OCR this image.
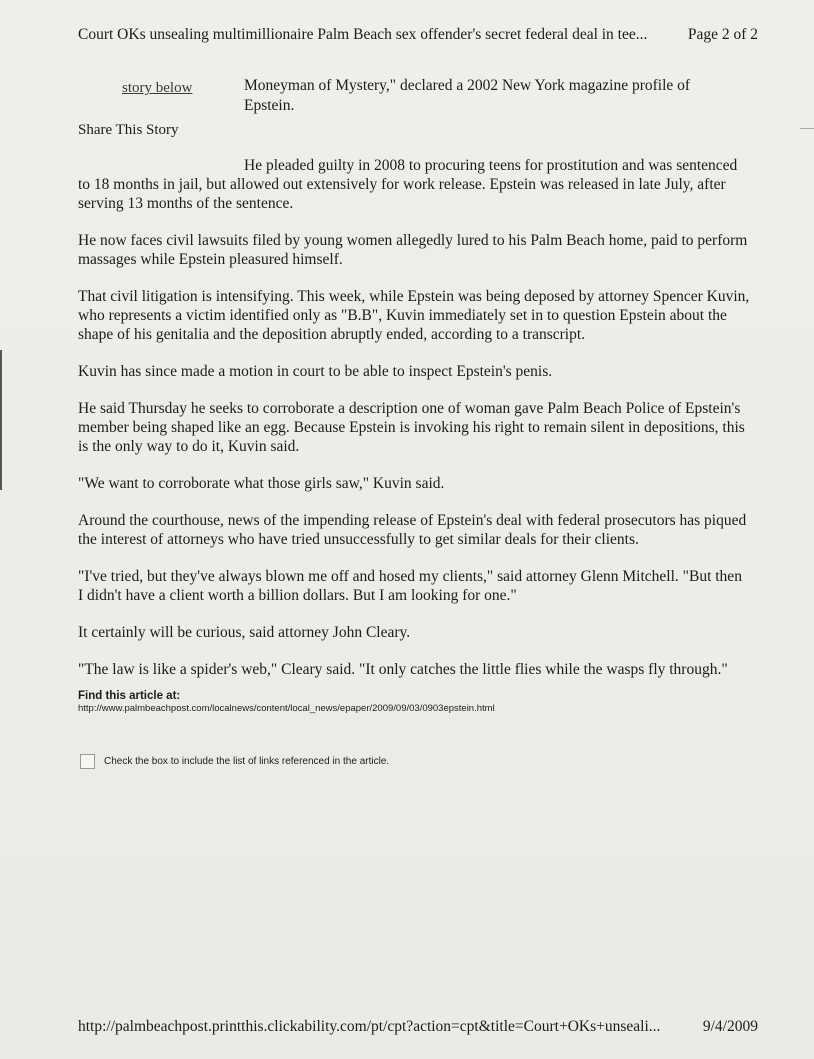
Court OKs unsealing multimillionaire Palm Beach sex offender's secret federal deal in tee...	Page 2 of 2
story below	Moneyman of Mystery," declared a 2002 New York magazine profile of Epstein.
Share This Story

He pleaded guilty in 2008 to procuring teens for prostitution and was sentenced to 18 months in jail, but allowed out extensively for work release. Epstein was released in late July, after serving 13 months of the sentence.

He now faces civil lawsuits filed by young women allegedly lured to his Palm Beach home, paid to perform massages while Epstein pleasured himself.

That civil litigation is intensifying. This week, while Epstein was being deposed by attorney Spencer Kuvin, who represents a victim identified only as "B.B", Kuvin immediately set in to question Epstein about the shape of his genitalia and the deposition abruptly ended, according to a transcript.

Kuvin has since made a motion in court to be able to inspect Epstein's penis.

He said Thursday he seeks to corroborate a description one of woman gave Palm Beach Police of Epstein's member being shaped like an egg. Because Epstein is invoking his right to remain silent in depositions, this is the only way to do it, Kuvin said.

"We want to corroborate what those girls saw," Kuvin said.

Around the courthouse, news of the impending release of Epstein's deal with federal prosecutors has piqued the interest of attorneys who have tried unsuccessfully to get similar deals for their clients.

"I've tried, but they've always blown me off and hosed my clients," said attorney Glenn Mitchell. "But then I didn't have a client worth a billion dollars. But I am looking for one."

It certainly will be curious, said attorney John Cleary.

"The law is like a spider's web," Cleary said. "It only catches the little flies while the wasps fly through."

Find this article at:
http://www.palmbeachpost.com/localnews/content/local_news/epaper/2009/09/03/0903epstein.html
Check the box to include the list of links referenced in the article.
http://palmbeachpost.printthis.clickability.com/pt/cpt?action=cpt&title=Court+OKs+unseali...	9/4/2009
